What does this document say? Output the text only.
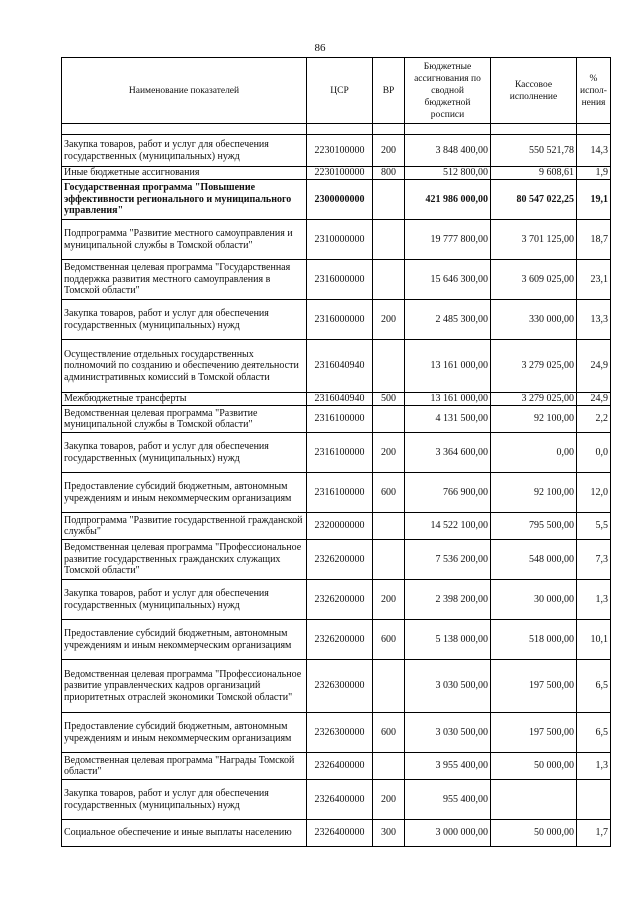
86
Наименование показателей	ЦСР	ВР	Бюджетные ассигнования по сводной бюджетной росписи	Кассовое исполнение	% испол-нения

Закупка товаров, работ и услуг для обеспечения государственных (муниципальных) нужд	2230100000	200	3 848 400,00	550 521,78	14,3
Иные бюджетные ассигнования	2230100000	800	512 800,00	9 608,61	1,9
Государственная программа "Повышение эффективности регионального и муниципального управления"	2300000000		421 986 000,00	80 547 022,25	19,1
Подпрограмма "Развитие местного самоуправления и муниципальной службы в Томской области"	2310000000		19 777 800,00	3 701 125,00	18,7
Ведомственная целевая программа "Государственная поддержка развития местного самоуправления в Томской области"	2316000000		15 646 300,00	3 609 025,00	23,1
Закупка товаров, работ и услуг для обеспечения государственных (муниципальных) нужд	2316000000	200	2 485 300,00	330 000,00	13,3
Осуществление отдельных государственных полномочий по созданию и обеспечению деятельности административных комиссий в Томской области	2316040940		13 161 000,00	3 279 025,00	24,9
Межбюджетные трансферты	2316040940	500	13 161 000,00	3 279 025,00	24,9
Ведомственная целевая программа "Развитие муниципальной службы в Томской области"	2316100000		4 131 500,00	92 100,00	2,2
Закупка товаров, работ и услуг для обеспечения государственных (муниципальных) нужд	2316100000	200	3 364 600,00	0,00	0,0
Предоставление субсидий бюджетным, автономным учреждениям и иным некоммерческим организациям	2316100000	600	766 900,00	92 100,00	12,0
Подпрограмма "Развитие государственной гражданской службы"	2320000000		14 522 100,00	795 500,00	5,5
Ведомственная целевая программа "Профессиональное развитие государственных гражданских служащих Томской области"	2326200000		7 536 200,00	548 000,00	7,3
Закупка товаров, работ и услуг для обеспечения государственных (муниципальных) нужд	2326200000	200	2 398 200,00	30 000,00	1,3
Предоставление субсидий бюджетным, автономным учреждениям и иным некоммерческим организациям	2326200000	600	5 138 000,00	518 000,00	10,1
Ведомственная целевая программа "Профессиональное развитие управленческих кадров организаций приоритетных отраслей экономики Томской области"	2326300000		3 030 500,00	197 500,00	6,5
Предоставление субсидий бюджетным, автономным учреждениям и иным некоммерческим организациям	2326300000	600	3 030 500,00	197 500,00	6,5
Ведомственная целевая программа "Награды Томской области"	2326400000		3 955 400,00	50 000,00	1,3
Закупка товаров, работ и услуг для обеспечения государственных (муниципальных) нужд	2326400000	200	955 400,00		
Социальное обеспечение и иные выплаты населению	2326400000	300	3 000 000,00	50 000,00	1,7
